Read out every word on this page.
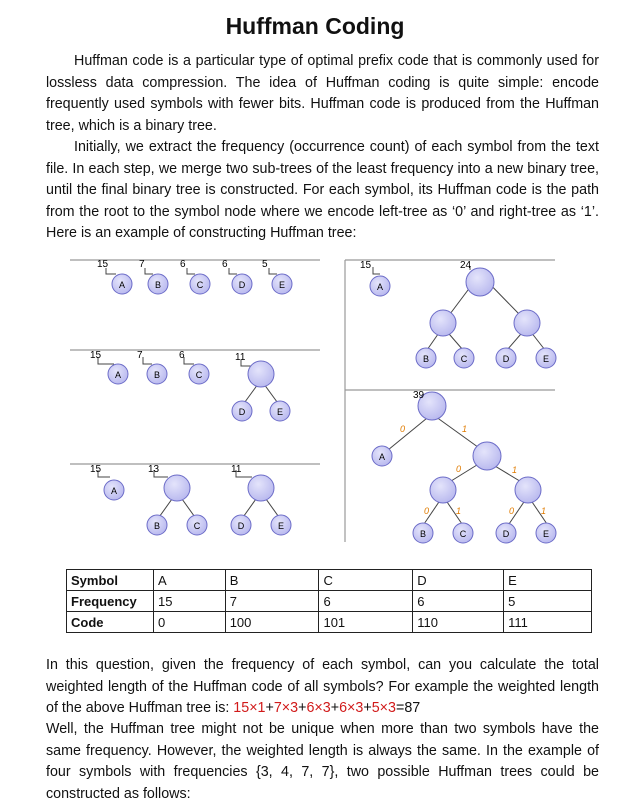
Huffman Coding

Huffman code is a particular type of optimal prefix code that is commonly used for lossless data compression. The idea of Huffman coding is quite simple: encode frequently used symbols with fewer bits. Huffman code is produced from the Huffman tree, which is a binary tree.

Initially, we extract the frequency (occurrence count) of each symbol from the text file. In each step, we merge two sub-trees of the least frequency into a new binary tree, until the final binary tree is constructed. For each symbol, its Huffman code is the path from the root to the symbol node where we encode left-tree as ‘0’ and right-tree as ‘1’. Here is an example of constructing Huffman tree:

A
15
B
7
C
6
D
6
E
5
A
15
B
7
C
6	11
D	E
A
15	13	11
B	C	D	E
A
15	24
B	C	D	E
39
A
B	C	D	E
0	1
0	1
0	1	0	1
Symbol	A	B	C	D	E
Frequency	15	7	6	6	5
Code	0	100	101	110	111

In this question, given the frequency of each symbol, can you calculate the total weighted length of the Huffman code of all symbols? For example the weighted length of the above Huffman tree is: 15×1+7×3+6×3+6×3+5×3=87

Well, the Huffman tree might not be unique when more than two symbols have the same frequency. However, the weighted length is always the same. In the example of four symbols with frequencies {3, 4, 7, 7}, two possible Huffman trees could be constructed as follows:
